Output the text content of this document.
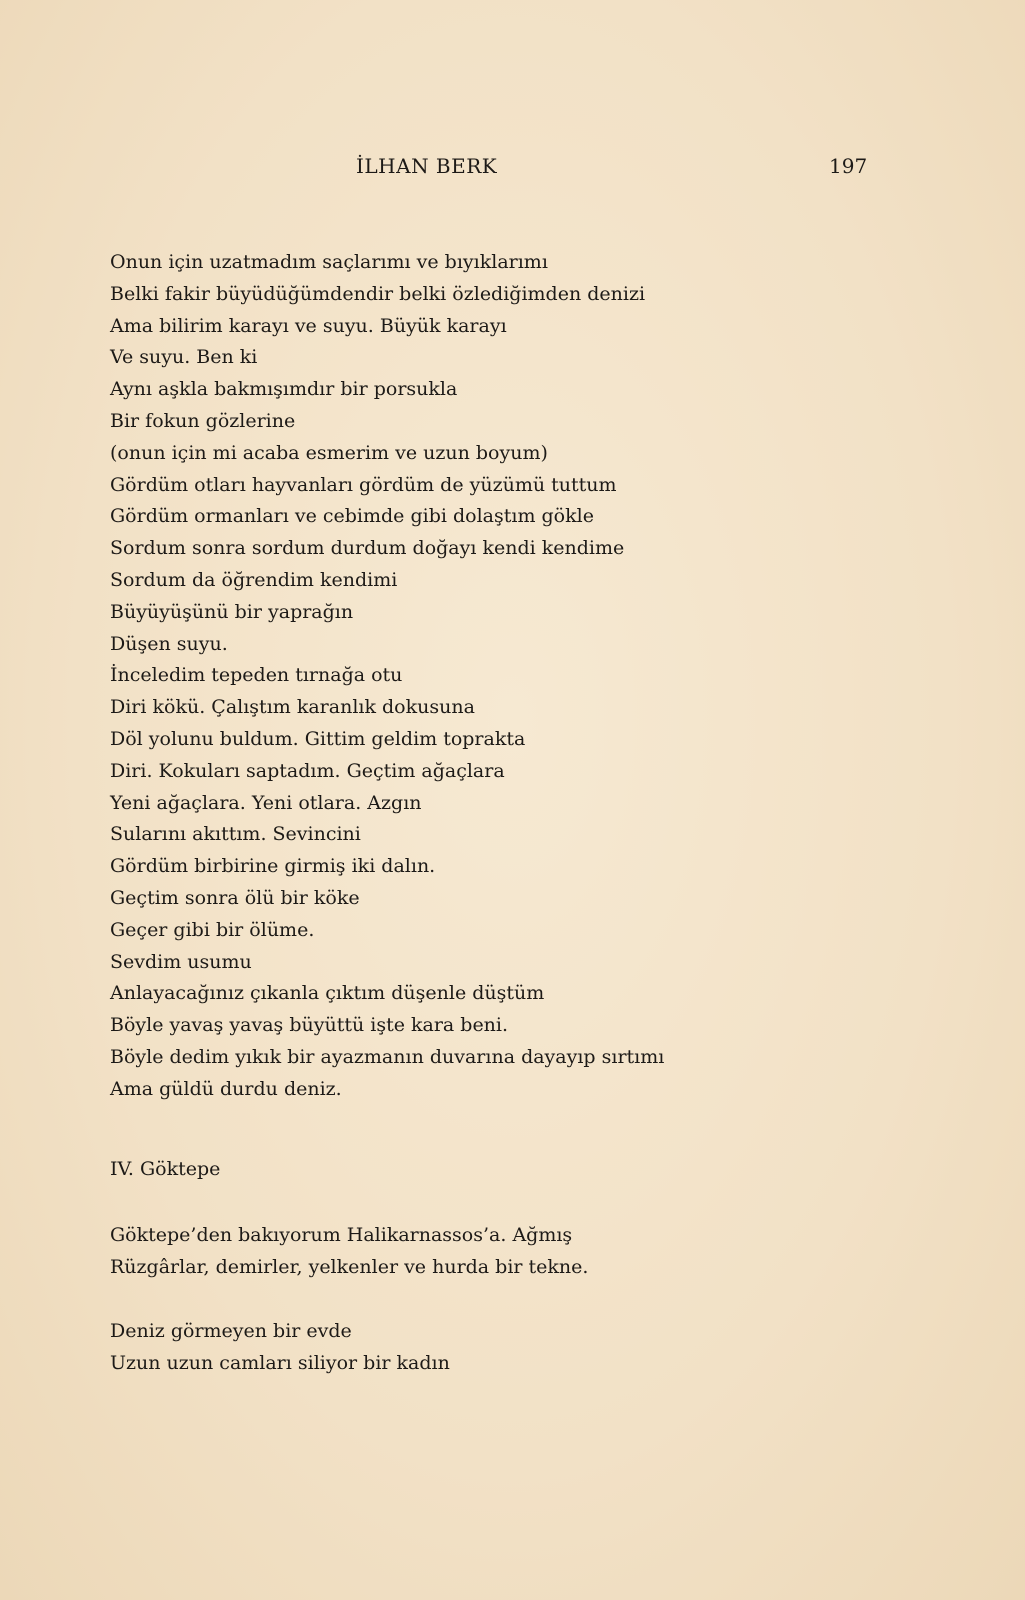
İLHAN BERK	197
Onun için uzatmadım saçlarımı ve bıyıklarımı
Belki fakir büyüdüğümdendir belki özlediğimden denizi
Ama bilirim karayı ve suyu. Büyük karayı
Ve suyu. Ben ki
Aynı aşkla bakmışımdır bir porsukla
Bir fokun gözlerine
(onun için mi acaba esmerim ve uzun boyum)
Gördüm otları hayvanları gördüm de yüzümü tuttum
Gördüm ormanları ve cebimde gibi dolaştım gökle
Sordum sonra sordum durdum doğayı kendi kendime
Sordum da öğrendim kendimi
Büyüyüşünü bir yaprağın
Düşen suyu.
İnceledim tepeden tırnağa otu
Diri kökü. Çalıştım karanlık dokusuna
Döl yolunu buldum. Gittim geldim toprakta
Diri. Kokuları saptadım. Geçtim ağaçlara
Yeni ağaçlara. Yeni otlara. Azgın
Sularını akıttım. Sevincini
Gördüm birbirine girmiş iki dalın.
Geçtim sonra ölü bir köke
Geçer gibi bir ölüme.
Sevdim usumu
Anlayacağınız çıkanla çıktım düşenle düştüm
Böyle yavaş yavaş büyüttü işte kara beni.
Böyle dedim yıkık bir ayazmanın duvarına dayayıp sırtımı
Ama güldü durdu deniz.
IV. Göktepe
Göktepe’den bakıyorum Halikarnassos’a. Ağmış
Rüzgârlar, demirler, yelkenler ve hurda bir tekne.
Deniz görmeyen bir evde
Uzun uzun camları siliyor bir kadın
